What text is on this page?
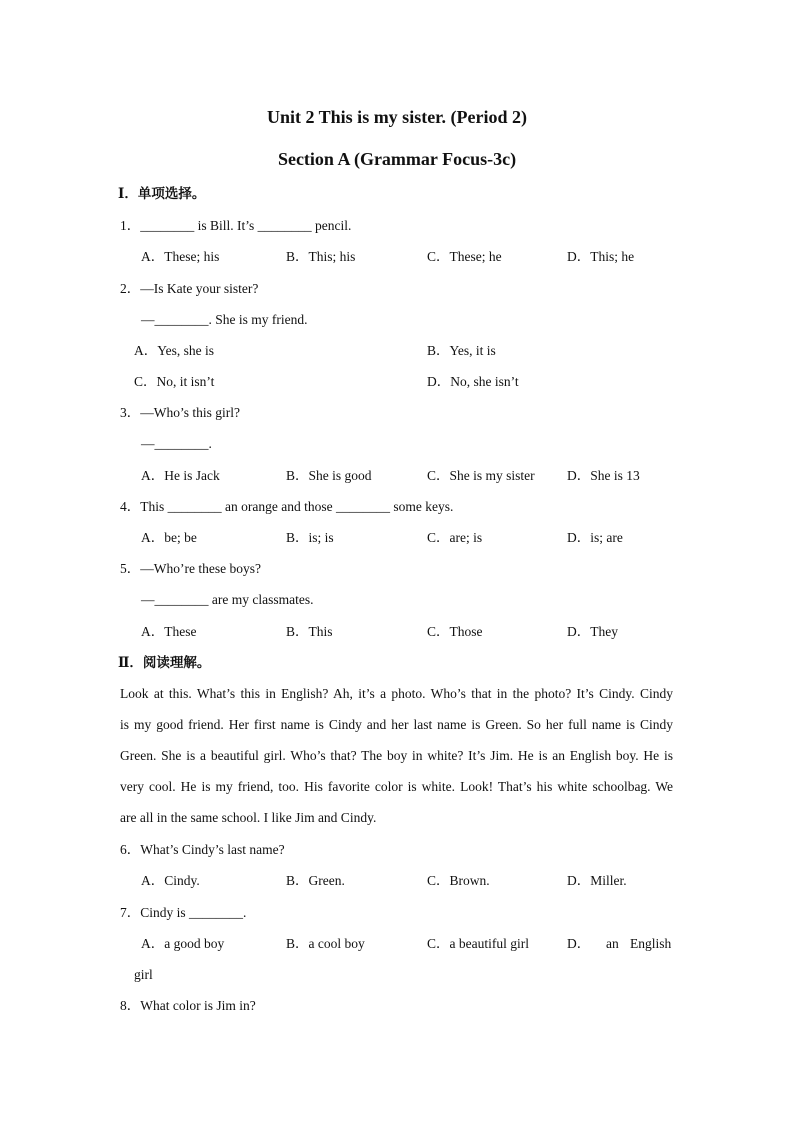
Unit 2 This is my sister. (Period 2)
Section A (Grammar Focus-3c)
Ⅰ．单项选择。
1．________ is Bill. It’s ________ pencil.
A．These; his	B．This; his	C．These; he	D．This; he
2．—Is Kate your sister?
—________. She is my friend.
A．Yes, she is	B．Yes, it is
C．No, it isn’t	D．No, she isn’t
3．—Who’s this girl?
—________.
A．He is Jack	B．She is good	C．She is my sister D．She is 13
4．This ________ an orange and those ________ some keys.
A．be; be	B．is; is	C．are; is	D．is; are
5．—Who’re these boys?
—________ are my classmates.
A．These	B．This	C．Those	D．They
Ⅱ．阅读理解。
Look at this. What’s this in English? Ah, it’s a photo. Who’s that in the photo? It’s Cindy. Cindy
is my good friend. Her first name is Cindy and her last name is Green. So her full name is Cindy
Green. She is a beautiful girl. Who’s that? The boy in white? It’s Jim. He is an English boy. He is
very cool. He is my friend, too. His favorite color is white. Look! That’s his white schoolbag. We
are all in the same school. I like Jim and Cindy.
6．What’s Cindy’s last name?
A．Cindy.	B．Green.	C．Brown.	D．Miller.
7．Cindy is ________.
A．a good boy	B．a cool boy	C．a beautiful girl	D． an English
girl
8．What color is Jim in?
